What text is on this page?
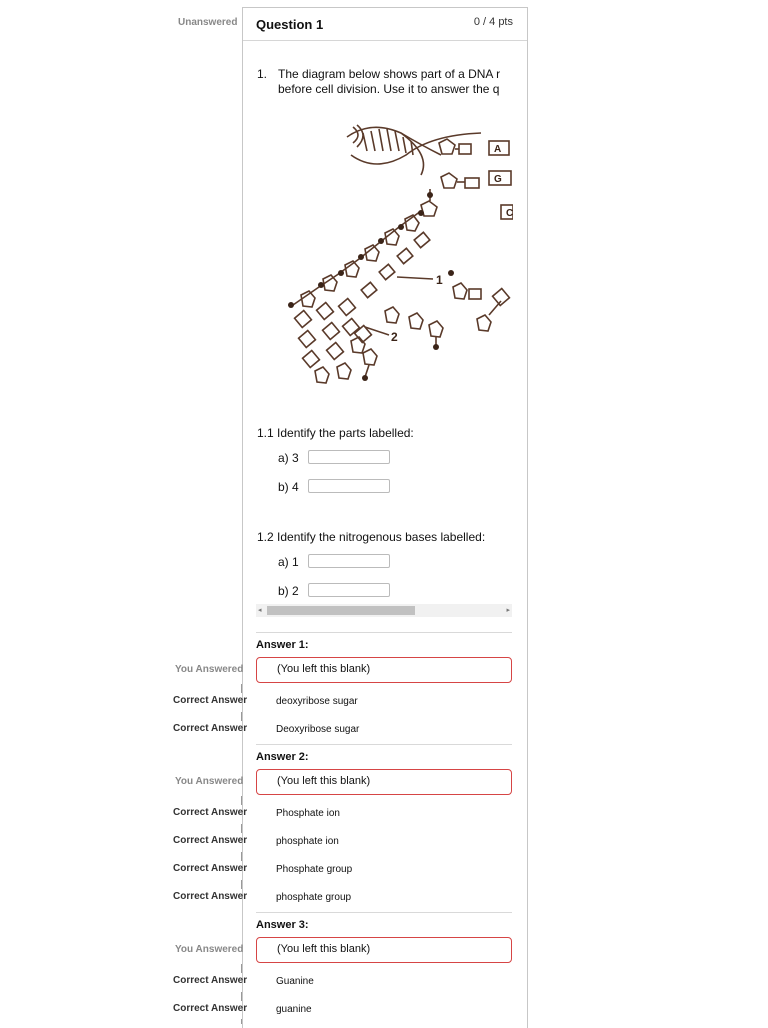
Unanswered Question 1	0 / 4 pts
1. The diagram below shows part of a DNA r
before cell division. Use it to answer the q
A
G
C
1
2
1.1 Identify the parts labelled:
a) 3
b) 4
1.2 Identify the nitrogenous bases labelled:
a) 1
b) 2
◂	▸
Answer 1:
You Answered	(You left this blank)
Correct Answer	deoxyribose sugar
Correct Answer	Deoxyribose sugar
Answer 2:
You Answered	(You left this blank)
Correct Answer	Phosphate ion
Correct Answer	phosphate ion
Correct Answer	Phosphate group
Correct Answer	phosphate group
Answer 3:
You Answered	(You left this blank)
Correct Answer	Guanine
Correct Answer	guanine
